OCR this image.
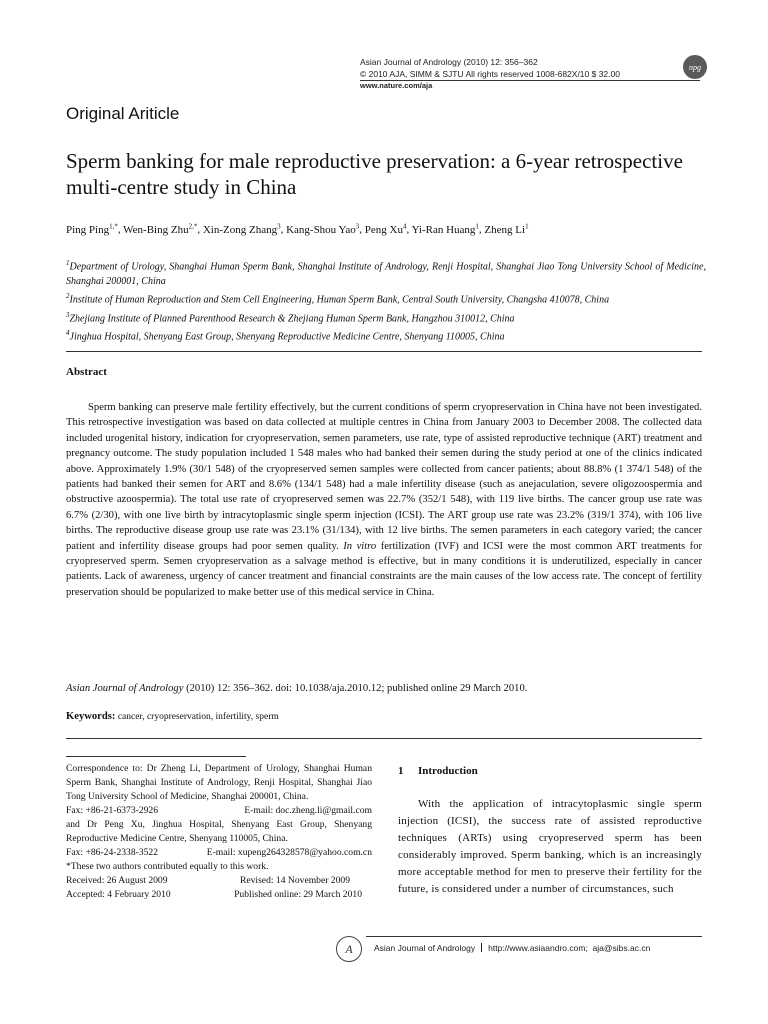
Asian Journal of Andrology (2010) 12: 356–362
© 2010 AJA, SIMM & SJTU All rights reserved 1008-682X/10 $ 32.00
www.nature.com/aja
npg
Original Ariticle
Sperm banking for male reproductive preservation: a 6-year retrospective multi-centre study in China
Ping Ping$^{1,*}$, Wen-Bing Zhu$^{2,*}$, Xin-Zong Zhang$^3$, Kang-Shou Yao$^3$, Peng Xu$^4$, Yi-Ran Huang$^1$, Zheng Li$^1$
$^1$Department of Urology, Shanghai Human Sperm Bank, Shanghai Institute of Andrology, Renji Hospital, Shanghai Jiao Tong University School of Medicine, Shanghai 200001, China
$^2$Institute of Human Reproduction and Stem Cell Engineering, Human Sperm Bank, Central South University, Changsha 410078, China
$^3$Zhejiang Institute of Planned Parenthood Research & Zhejiang Human Sperm Bank, Hangzhou 310012, China
$^4$Jinghua Hospital, Shenyang East Group, Shenyang Reproductive Medicine Centre, Shenyang 110005, China
Abstract
Sperm banking can preserve male fertility effectively, but the current conditions of sperm cryopreservation in China have not been investigated. This retrospective investigation was based on data collected at multiple centres in China from January 2003 to December 2008. The collected data included urogenital history, indication for cryopreservation, semen parameters, use rate, type of assisted reproductive technique (ART) treatment and pregnancy outcome. The study population included 1 548 males who had banked their semen during the study period at one of the clinics indicated above. Approximately 1.9% (30/1 548) of the cryopreserved semen samples were collected from cancer patients; about 88.8% (1 374/1 548) of the patients had banked their semen for ART and 8.6% (134/1 548) had a male infertility disease (such as anejaculation, severe oligozoospermia and obstructive azoospermia). The total use rate of cryopreserved semen was 22.7% (352/1 548), with 119 live births. The cancer group use rate was 6.7% (2/30), with one live birth by intracytoplasmic single sperm injection (ICSI). The ART group use rate was 23.2% (319/1 374), with 106 live births. The reproductive disease group use rate was 23.1% (31/134), with 12 live births. The semen parameters in each category varied; the cancer patient and infertility disease groups had poor semen quality. In vitro fertilization (IVF) and ICSI were the most common ART treatments for cryopreserved sperm. Semen cryopreservation as a salvage method is effective, but in many conditions it is underutilized, especially in cancer patients. Lack of awareness, urgency of cancer treatment and financial constraints are the main causes of the low access rate. The concept of fertility preservation should be popularized to make better use of this medical service in China.
Asian Journal of Andrology (2010) 12: 356–362. doi: 10.1038/aja.2010.12; published online 29 March 2010.
Keywords: cancer, cryopreservation, infertility, sperm
Correspondence to: Dr Zheng Li, Department of Urology, Shanghai Human Sperm Bank, Shanghai Institute of Andrology, Renji Hospital, Shanghai Jiao Tong University School of Medicine, Shanghai 200001, China.
Fax: +86-21-6373-2926	E-mail: doc.zheng.li@gmail.com
and Dr Peng Xu, Jinghua Hospital, Shenyang East Group, Shenyang Reproductive Medicine Centre, Shenyang 110005, China.
Fax: +86-24-2338-3522	E-mail: xupeng264328578@yahoo.com.cn
*These two authors contributed equally to this work.
Received: 26 August 2009	Revised: 14 November 2009
Accepted: 4 February 2010	Published online: 29 March 2010
1 Introduction
With the application of intracytoplasmic single sperm injection (ICSI), the success rate of assisted reproductive techniques (ARTs) using cryopreserved sperm has been considerably improved. Sperm banking, which is an increasingly more acceptable method for men to preserve their fertility for the future, is considered under a number of circumstances, such
A	Asian Journal of Andrology http://www.asiaandro.com; aja@sibs.ac.cn
